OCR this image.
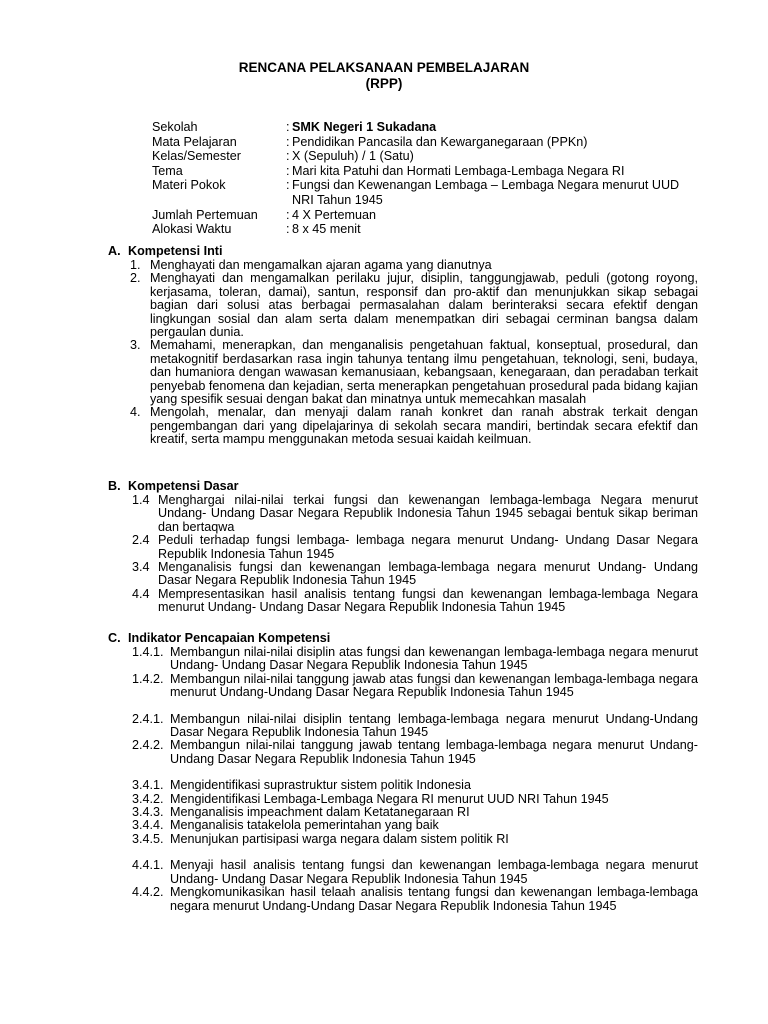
RENCANA PELAKSANAAN PEMBELAJARAN
(RPP)
Sekolah	: SMK Negeri 1 Sukadana
Mata Pelajaran	: Pendidikan Pancasila dan Kewarganegaraan (PPKn)
Kelas/Semester	: X (Sepuluh) / 1 (Satu)
Tema	: Mari kita Patuhi dan Hormati Lembaga-Lembaga Negara RI
Materi Pokok	: Fungsi dan Kewenangan Lembaga – Lembaga Negara menurut UUD NRI Tahun 1945
Jumlah Pertemuan	: 4 X Pertemuan
Alokasi Waktu	: 8 x 45 menit
A. Kompetensi Inti
1. Menghayati dan mengamalkan ajaran agama yang dianutnya
2. Menghayati dan mengamalkan perilaku jujur, disiplin, tanggungjawab, peduli (gotong royong, kerjasama, toleran, damai), santun, responsif dan pro-aktif dan menunjukkan sikap sebagai bagian dari solusi atas berbagai permasalahan dalam berinteraksi secara efektif dengan lingkungan sosial dan alam serta dalam menempatkan diri sebagai cerminan bangsa dalam pergaulan dunia.
3. Memahami, menerapkan, dan menganalisis pengetahuan faktual, konseptual, prosedural, dan metakognitif berdasarkan rasa ingin tahunya tentang ilmu pengetahuan, teknologi, seni, budaya, dan humaniora dengan wawasan kemanusiaan, kebangsaan, kenegaraan, dan peradaban terkait penyebab fenomena dan kejadian, serta menerapkan pengetahuan prosedural pada bidang kajian yang spesifik sesuai dengan bakat dan minatnya untuk memecahkan masalah
4. Mengolah, menalar, dan menyaji dalam ranah konkret dan ranah abstrak terkait dengan pengembangan dari yang dipelajarinya di sekolah secara mandiri, bertindak secara efektif dan kreatif, serta mampu menggunakan metoda sesuai kaidah keilmuan.
B. Kompetensi Dasar
1.4 Menghargai nilai-nilai terkai fungsi dan kewenangan lembaga-lembaga Negara menurut Undang- Undang Dasar Negara Republik Indonesia Tahun 1945 sebagai bentuk sikap beriman dan bertaqwa
2.4 Peduli terhadap fungsi lembaga- lembaga negara menurut Undang- Undang Dasar Negara Republik Indonesia Tahun 1945
3.4 Menganalisis fungsi dan kewenangan lembaga-lembaga negara menurut Undang- Undang Dasar Negara Republik Indonesia Tahun 1945
4.4 Mempresentasikan hasil analisis tentang fungsi dan kewenangan lembaga-lembaga Negara menurut Undang- Undang Dasar Negara Republik Indonesia Tahun 1945
C. Indikator Pencapaian Kompetensi
1.4.1. Membangun nilai-nilai disiplin atas fungsi dan kewenangan lembaga-lembaga negara menurut Undang- Undang Dasar Negara Republik Indonesia Tahun 1945
1.4.2. Membangun nilai-nilai tanggung jawab atas fungsi dan kewenangan lembaga-lembaga negara menurut Undang-Undang Dasar Negara Republik Indonesia Tahun 1945
2.4.1. Membangun nilai-nilai disiplin tentang lembaga-lembaga negara menurut Undang-Undang Dasar Negara Republik Indonesia Tahun 1945
2.4.2. Membangun nilai-nilai tanggung jawab tentang lembaga-lembaga negara menurut Undang-Undang Dasar Negara Republik Indonesia Tahun 1945
3.4.1. Mengidentifikasi suprastruktur sistem politik Indonesia
3.4.2. Mengidentifikasi Lembaga-Lembaga Negara RI menurut UUD NRI Tahun 1945
3.4.3. Menganalisis impeachment dalam Ketatanegaraan RI
3.4.4. Menganalisis tatakelola pemerintahan yang baik
3.4.5. Menunjukan partisipasi warga negara dalam sistem politik RI
4.4.1. Menyaji hasil analisis tentang fungsi dan kewenangan lembaga-lembaga negara menurut Undang- Undang Dasar Negara Republik Indonesia Tahun 1945
4.4.2. Mengkomunikasikan hasil telaah analisis tentang fungsi dan kewenangan lembaga-lembaga negara menurut Undang-Undang Dasar Negara Republik Indonesia Tahun 1945
